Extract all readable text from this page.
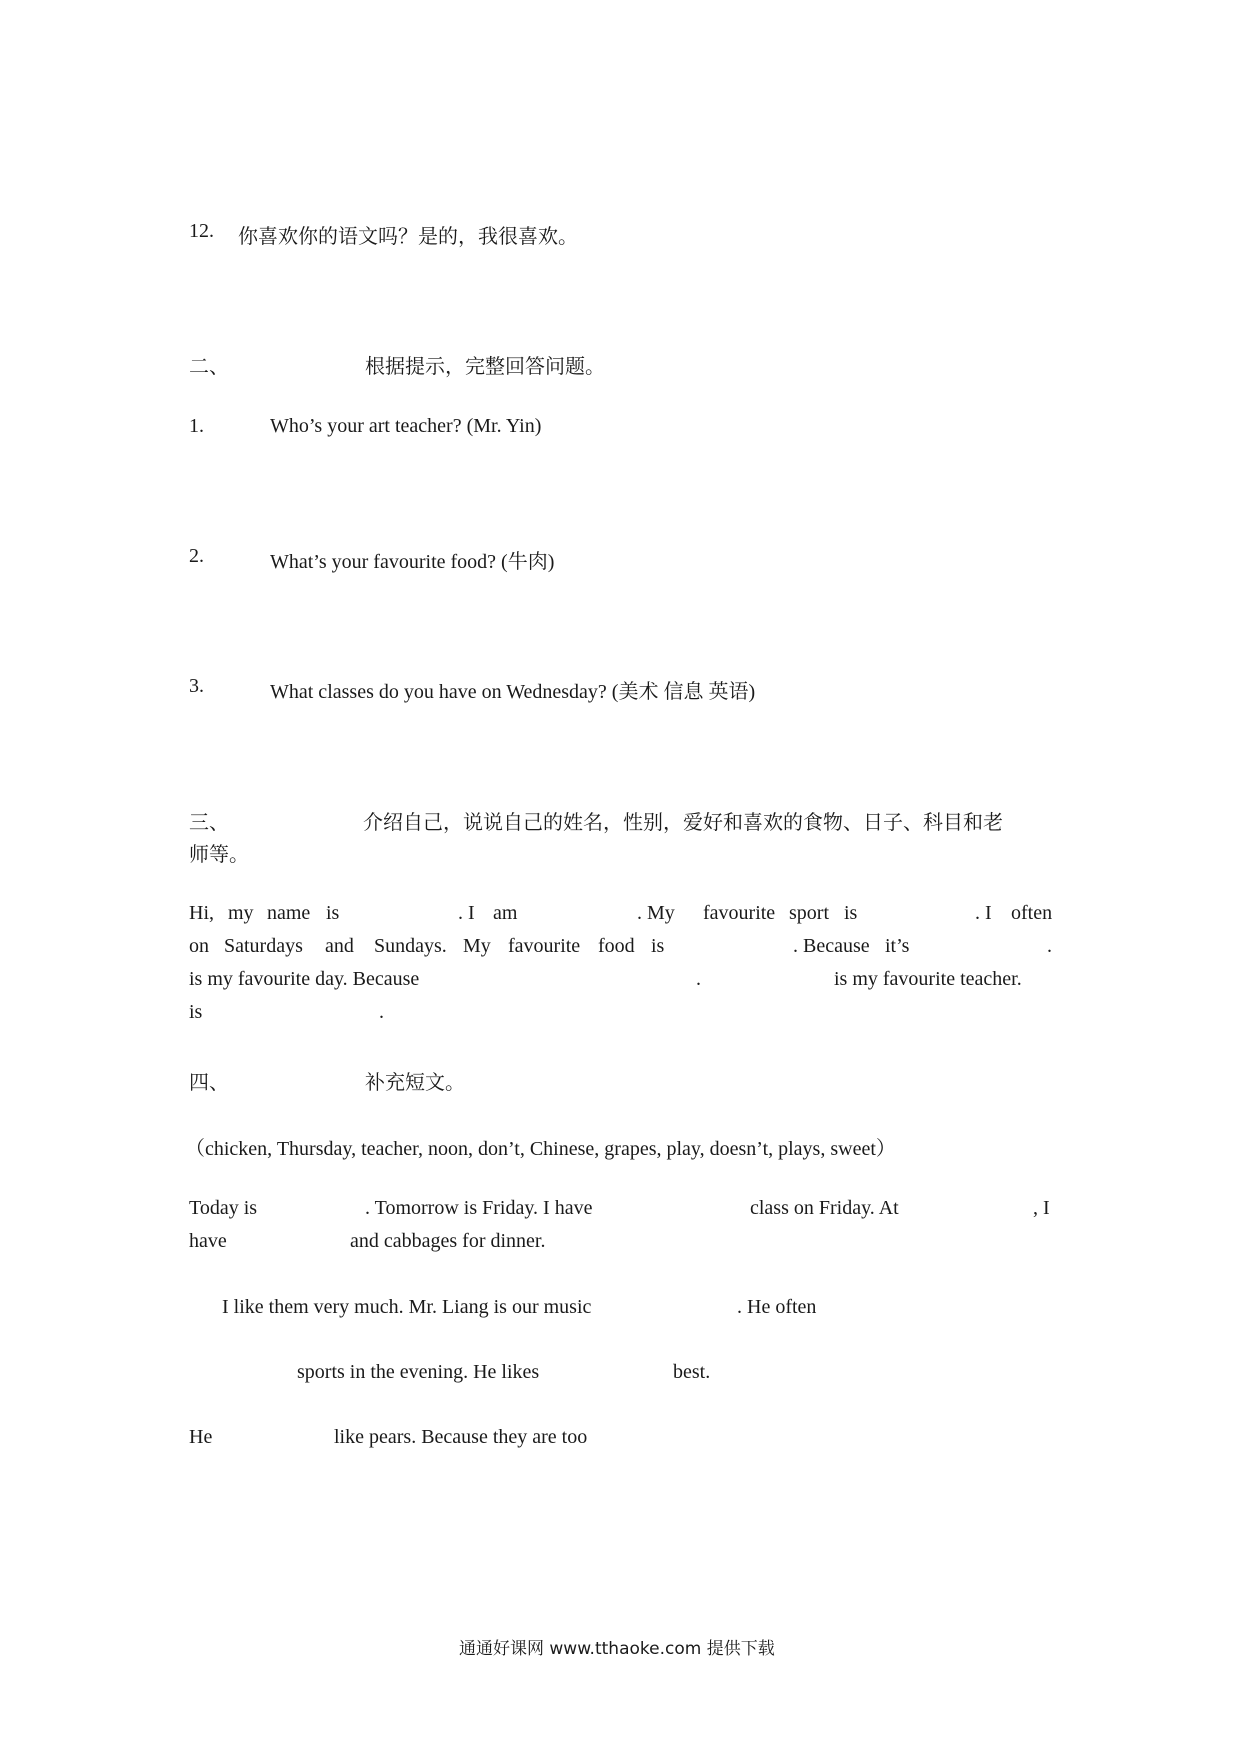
12. 你喜欢你的语文吗？是的，我很喜欢。
二、	根据提示，完整回答问题。
1.	Who’s your art teacher? (Mr. Yin)
2.	What’s your favourite food? (牛肉)
3.	What classes do you have on Wednesday? (美术 信息 英语)
三、	介绍自己，说说自己的姓名，性别，爱好和喜欢的食物、日子、科目和老
师等。
Hi, my name is	. I am	. My favourite sport is	. I often
on Saturdays and Sundays. My favourite food is	. Because it’s	.
is my favourite day. Because	.	is my favourite teacher.
is	.
四、	补充短文。
（chicken, Thursday, teacher, noon, don’t, Chinese, grapes, play, doesn’t, plays, sweet）
Today is	. Tomorrow is Friday. I have	class on Friday. At	, I
have	and cabbages for dinner.
I like them very much. Mr. Liang is our music	. He often
sports in the evening. He likes	best.
He	like pears. Because they are too
通通好课网 www.tthaoke.com 提供下载
